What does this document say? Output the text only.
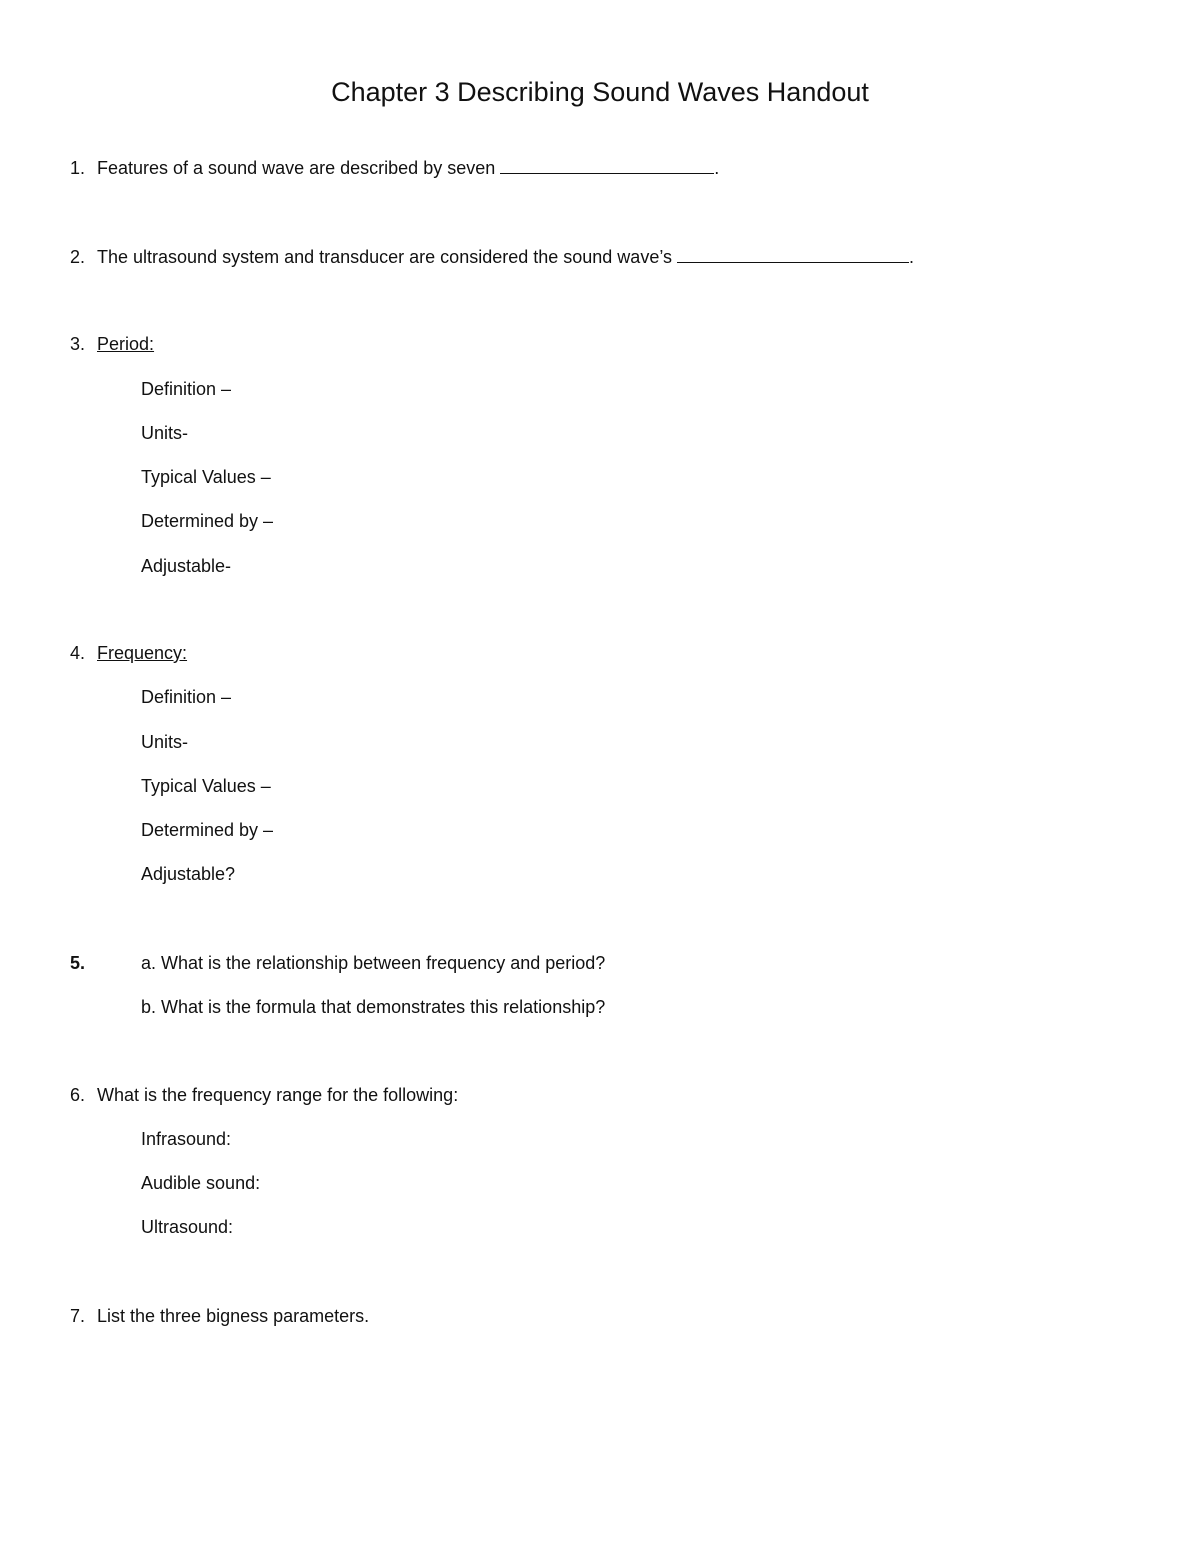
Chapter 3 Describing Sound Waves Handout
1. Features of a sound wave are described by seven	.
2. The ultrasound system and transducer are considered the sound wave’s	.
3. Period:
Definition –
Units-
Typical Values –
Determined by –
Adjustable-
4. Frequency:
Definition –
Units-
Typical Values –
Determined by –
Adjustable?
5.	a. What is the relationship between frequency and period?
b. What is the formula that demonstrates this relationship?
6. What is the frequency range for the following:
Infrasound:
Audible sound:
Ultrasound:
7. List the three bigness parameters.
